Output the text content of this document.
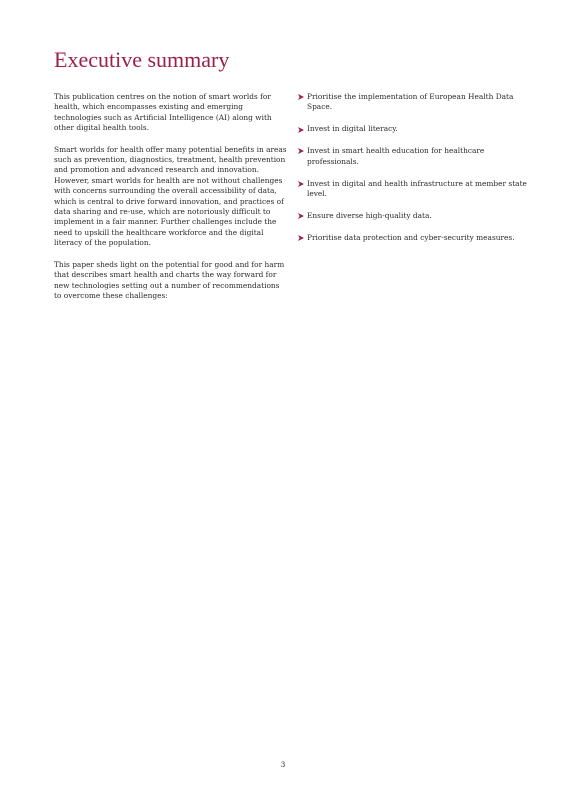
Executive summary

This publication centres on the notion of smart worlds for health, which encompasses existing and emerging technologies such as Artificial Intelligence (AI) along with other digital health tools.

Smart worlds for health offer many potential benefits in areas such as prevention, diagnostics, treatment, health prevention and promotion and advanced research and innovation. However, smart worlds for health are not without challenges with concerns surrounding the overall accessibility of data, which is central to drive forward innovation, and practices of data sharing and re-use, which are notoriously difficult to implement in a fair manner. Further challenges include the need to upskill the healthcare workforce and the digital literacy of the population.

This paper sheds light on the potential for good and for harm that describes smart health and charts the way forward for new technologies setting out a number of recommendations to overcome these challenges:

Prioritise the implementation of European Health Data Space.
Invest in digital literacy.
Invest in smart health education for healthcare professionals.
Invest in digital and health infrastructure at member state level.
Ensure diverse high-quality data.
Prioritise data protection and cyber-security measures.
3
